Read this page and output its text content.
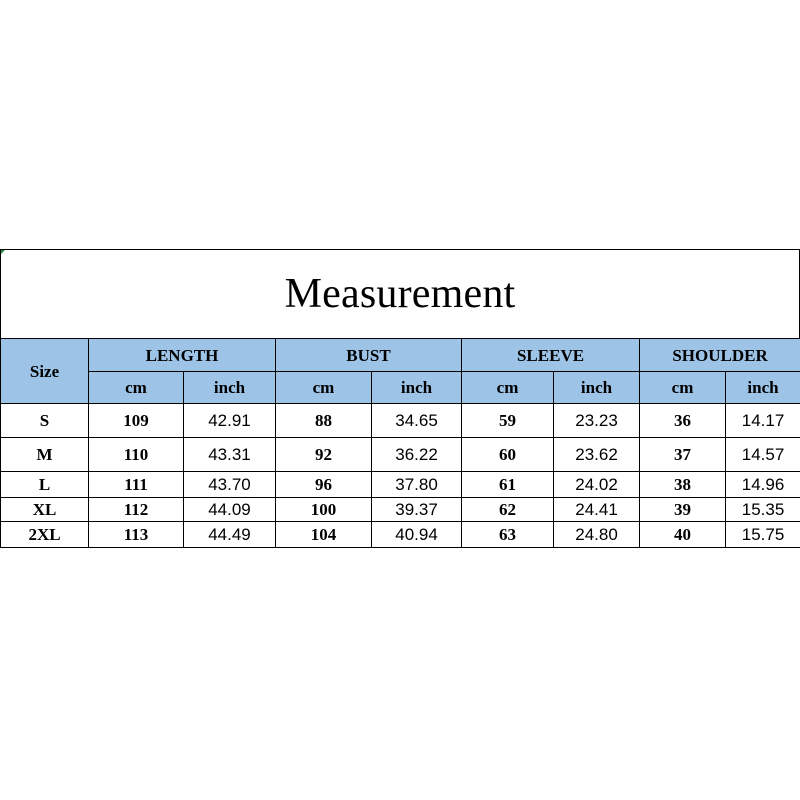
Measurement
Size	LENGTH		BUST		SLEEVE		SHOULDER	
	cm	inch	cm	inch	cm	inch	cm	inch
S	109	42.91	88	34.65	59	23.23	36	14.17
M	110	43.31	92	36.22	60	23.62	37	14.57
L	111	43.70	96	37.80	61	24.02	38	14.96
XL	112	44.09	100	39.37	62	24.41	39	15.35
2XL	113	44.49	104	40.94	63	24.80	40	15.75
